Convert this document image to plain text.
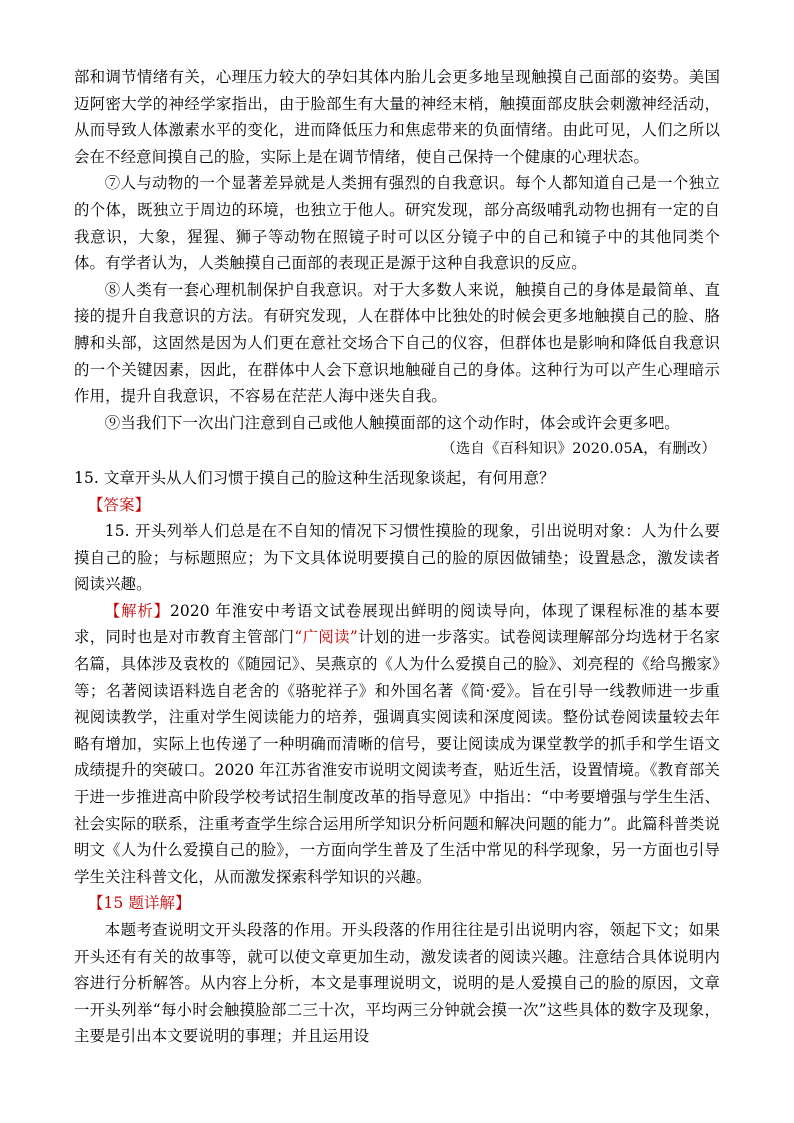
部和调节情绪有关，心理压力较大的孕妇其体内胎儿会更多地呈现触摸自己面部的姿势。美国迈阿密大学的神经学家指出，由于脸部生有大量的神经末梢，触摸面部皮肤会刺激神经活动，从而导致人体激素水平的变化，进而降低压力和焦虑带来的负面情绪。由此可见，人们之所以会在不经意间摸自己的脸，实际上是在调节情绪，使自己保持一个健康的心理状态。

⑦人与动物的一个显著差异就是人类拥有强烈的自我意识。每个人都知道自己是一个独立的个体，既独立于周边的环境，也独立于他人。研究发现，部分高级哺乳动物也拥有一定的自我意识，大象，猩猩、狮子等动物在照镜子时可以区分镜子中的自己和镜子中的其他同类个体。有学者认为，人类触摸自己面部的表现正是源于这种自我意识的反应。

⑧人类有一套心理机制保护自我意识。对于大多数人来说，触摸自己的身体是最简单、直接的提升自我意识的方法。有研究发现，人在群体中比独处的时候会更多地触摸自己的脸、胳膊和头部，这固然是因为人们更在意社交场合下自己的仪容，但群体也是影响和降低自我意识的一个关键因素，因此，在群体中人会下意识地触碰自己的身体。这种行为可以产生心理暗示作用，提升自我意识，不容易在茫茫人海中迷失自我。

⑨当我们下一次出门注意到自己或他人触摸面部的这个动作时，体会或许会更多吧。

（选自《百科知识》2020.05A，有删改）

15. 文章开头从人们习惯于摸自己的脸这种生活现象谈起，有何用意？

【答案】

15. 开头列举人们总是在不自知的情况下习惯性摸脸的现象，引出说明对象：人为什么要摸自己的脸；与标题照应；为下文具体说明要摸自己的脸的原因做铺垫；设置悬念，激发读者阅读兴趣。

【解析】2020 年淮安中考语文试卷展现出鲜明的阅读导向，体现了课程标准的基本要求，同时也是对市教育主管部门“广阅读”计划的进一步落实。试卷阅读理解部分均选材于名家名篇，具体涉及袁枚的《随园记》、吴燕京的《人为什么爱摸自己的脸》、刘亮程的《给鸟搬家》等；名著阅读语料选自老舍的《骆驼祥子》和外国名著《简·爱》。旨在引导一线教师进一步重视阅读教学，注重对学生阅读能力的培养，强调真实阅读和深度阅读。整份试卷阅读量较去年略有增加，实际上也传递了一种明确而清晰的信号，要让阅读成为课堂教学的抓手和学生语文成绩提升的突破口。2020 年江苏省淮安市说明文阅读考查，贴近生活，设置情境。《教育部关于进一步推进高中阶段学校考试招生制度改革的指导意见》中指出：“中考要增强与学生生活、社会实际的联系，注重考查学生综合运用所学知识分析问题和解决问题的能力”。此篇科普类说明文《人为什么爱摸自己的脸》，一方面向学生普及了生活中常见的科学现象，另一方面也引导学生关注科普文化，从而激发探索科学知识的兴趣。

【15 题详解】

本题考查说明文开头段落的作用。开头段落的作用往往是引出说明内容，领起下文；如果开头还有有关的故事等，就可以使文章更加生动，激发读者的阅读兴趣。注意结合具体说明内容进行分析解答。从内容上分析，本文是事理说明文，说明的是人爱摸自己的脸的原因，文章一开头列举“每小时会触摸脸部二三十次，平均两三分钟就会摸一次”这些具体的数字及现象，主要是引出本文要说明的事理；并且运用设
